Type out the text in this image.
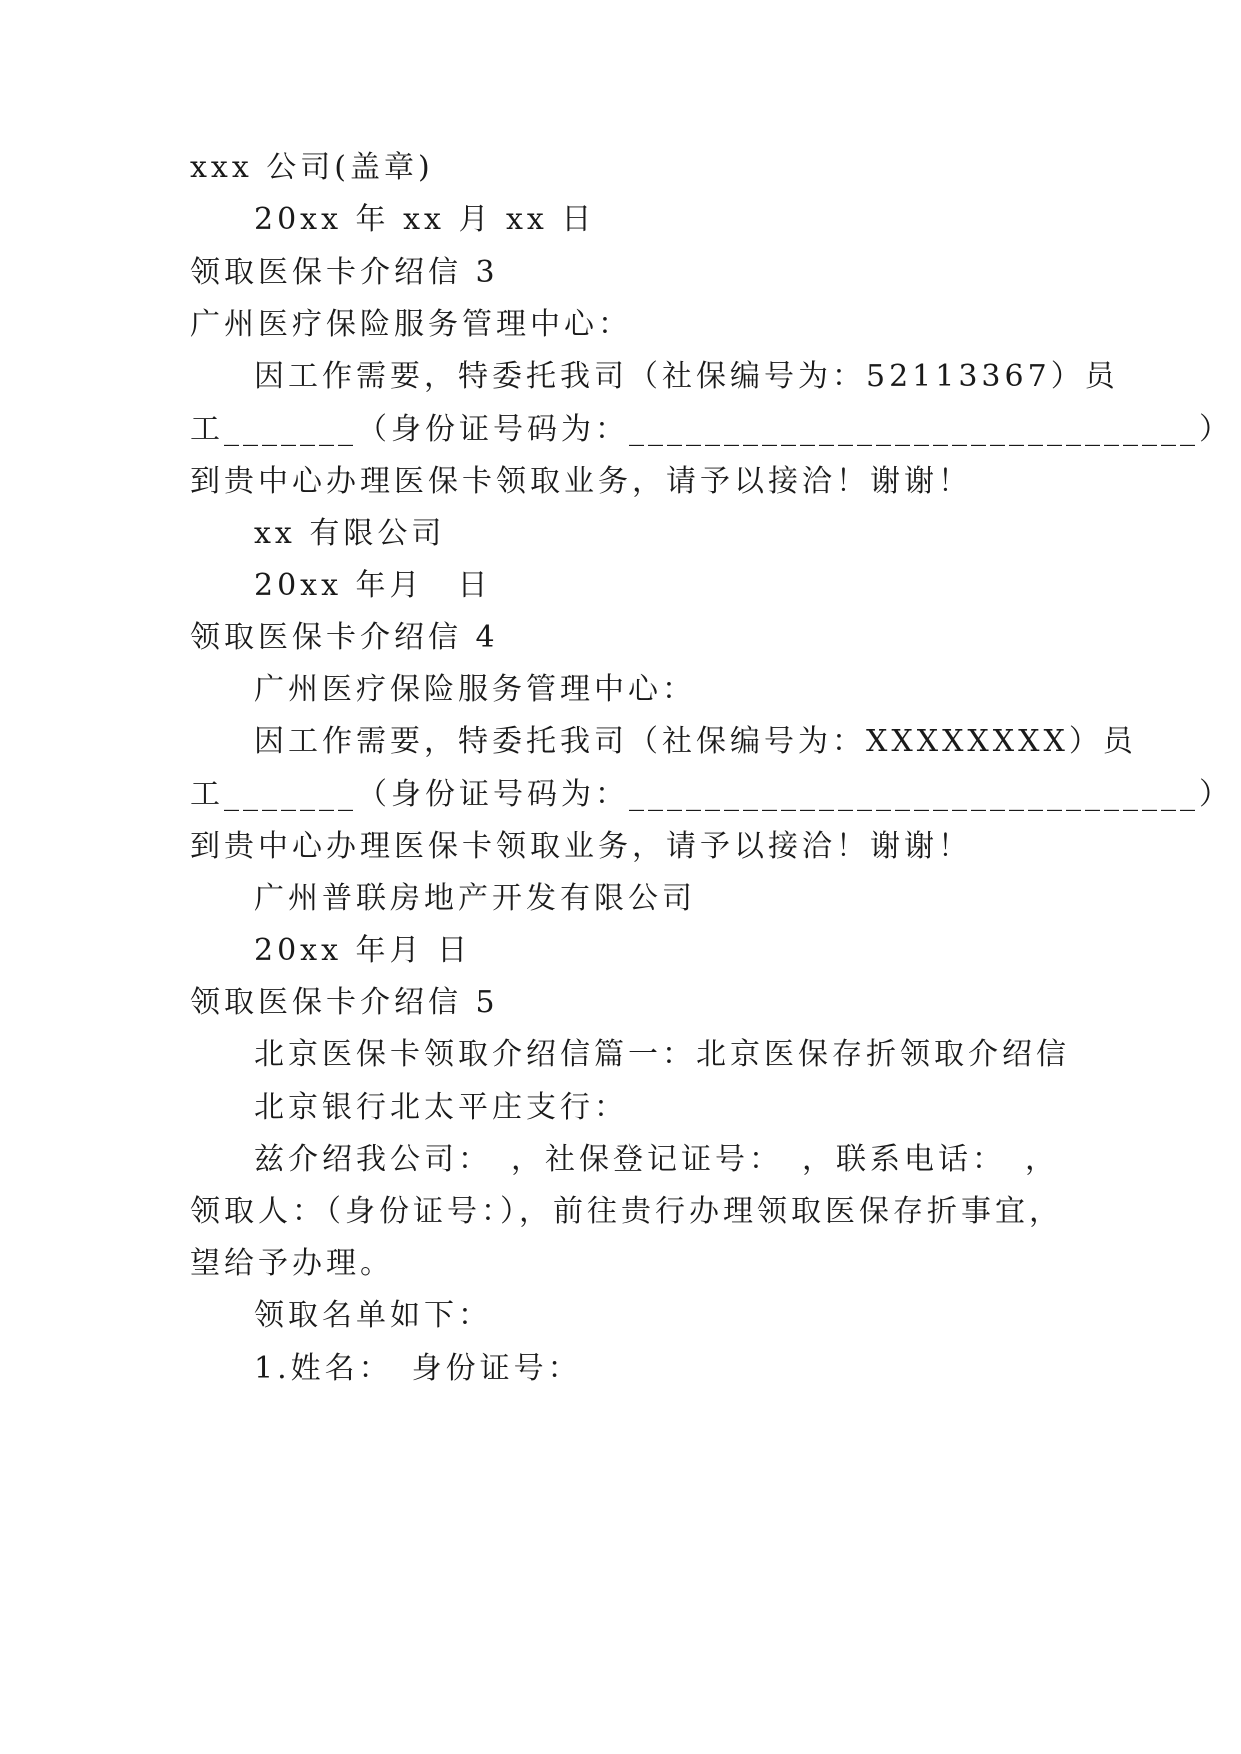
xxx 公司(盖章)
20xx 年 xx 月 xx 日
领取医保卡介绍信 3
广州医疗保险服务管理中心：
因工作需要，特委托我司（社保编号为：52113367）员
工_______（身份证号码为：______________________________）
到贵中心办理医保卡领取业务，请予以接洽！谢谢！
xx 有限公司
20xx 年月　日
领取医保卡介绍信 4
广州医疗保险服务管理中心：
因工作需要，特委托我司（社保编号为：XXXXXXXX）员
工_______（身份证号码为：______________________________）
到贵中心办理医保卡领取业务，请予以接洽！谢谢！
广州普联房地产开发有限公司
20xx 年月 日
领取医保卡介绍信 5
北京医保卡领取介绍信篇一：北京医保存折领取介绍信
北京银行北太平庄支行：
兹介绍我公司：　，社保登记证号：　，联系电话：　，
领取人：（身份证号：），前往贵行办理领取医保存折事宜，
望给予办理。
领取名单如下：
1.姓名：　身份证号：
